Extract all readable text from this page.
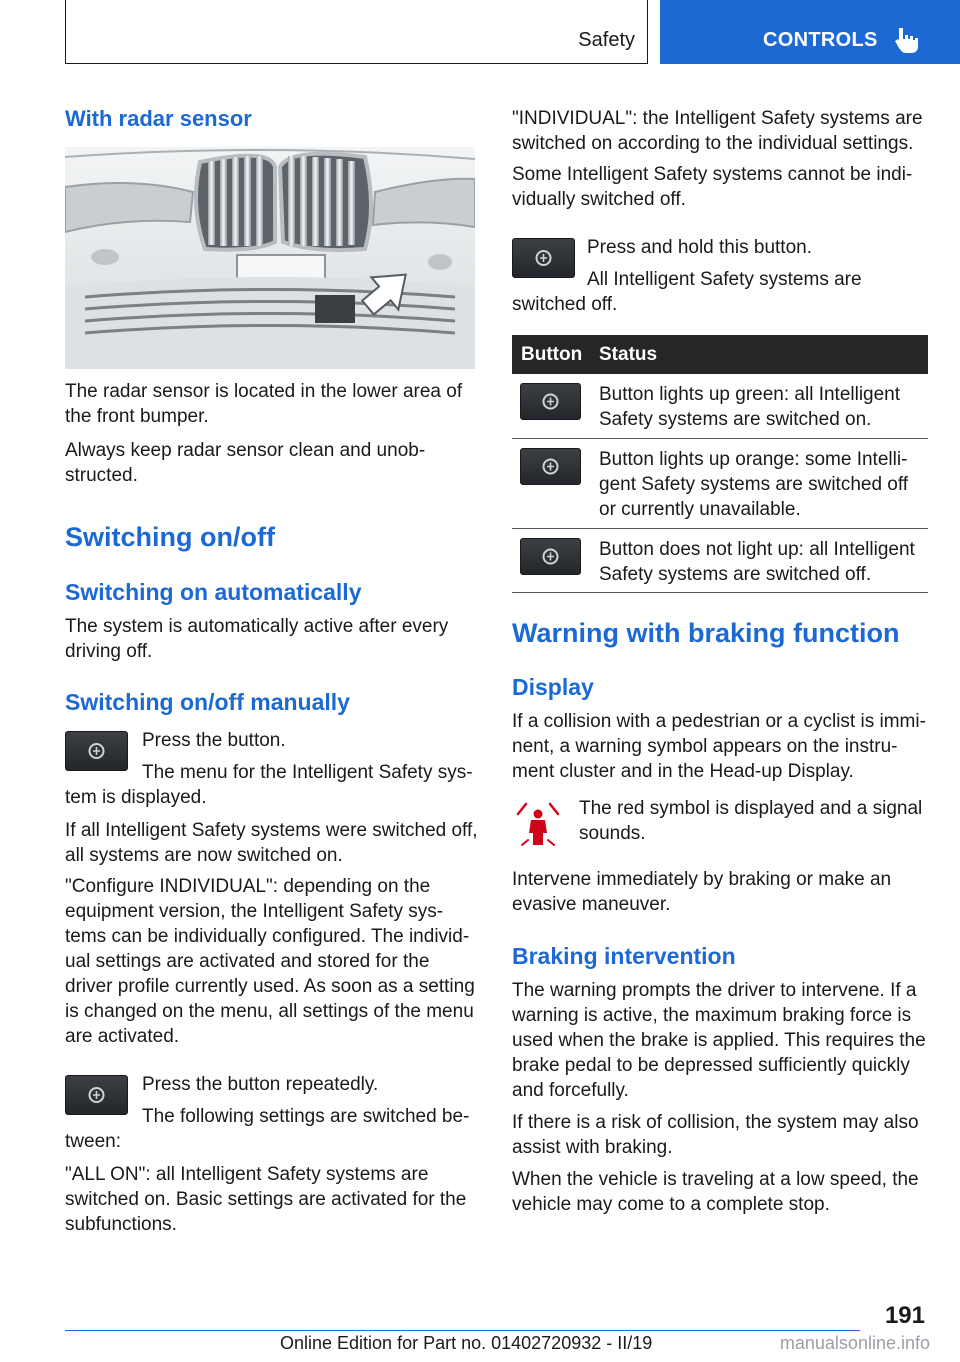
Safety	CONTROLS
With radar sensor
The radar sensor is located in the lower area of
the front bumper.
Always keep radar sensor clean and unob-
structed.
Switching on/off
Switching on automatically
The system is automatically active after every
driving off.
Switching on/off manually
Press the button.
The menu for the Intelligent Safety sys-
tem is displayed.
If all Intelligent Safety systems were switched off,
all systems are now switched on.
"Configure INDIVIDUAL": depending on the
equipment version, the Intelligent Safety sys-
tems can be individually configured. The individ-
ual settings are activated and stored for the
driver profile currently used. As soon as a setting
is changed on the menu, all settings of the menu
are activated.
Press the button repeatedly.
The following settings are switched be-
tween:
"ALL ON": all Intelligent Safety systems are
switched on. Basic settings are activated for the
subfunctions.
"INDIVIDUAL": the Intelligent Safety systems are
switched on according to the individual settings.
Some Intelligent Safety systems cannot be indi-
vidually switched off.
Press and hold this button.
All Intelligent Safety systems are
switched off.
Button Status
Button lights up green: all Intelligent
Safety systems are switched on.
Button lights up orange: some Intelli-
gent Safety systems are switched off
or currently unavailable.
Button does not light up: all Intelligent
Safety systems are switched off.
Warning with braking function
Display
If a collision with a pedestrian or a cyclist is immi-
nent, a warning symbol appears on the instru-
ment cluster and in the Head-up Display.
The red symbol is displayed and a signal
sounds.
Intervene immediately by braking or make an
evasive maneuver.
Braking intervention
The warning prompts the driver to intervene. If a
warning is active, the maximum braking force is
used when the brake is applied. This requires the
brake pedal to be depressed sufficiently quickly
and forcefully.
If there is a risk of collision, the system may also
assist with braking.
When the vehicle is traveling at a low speed, the
vehicle may come to a complete stop.
191
Online Edition for Part no. 01402720932 - II/19	manualsonline.info
